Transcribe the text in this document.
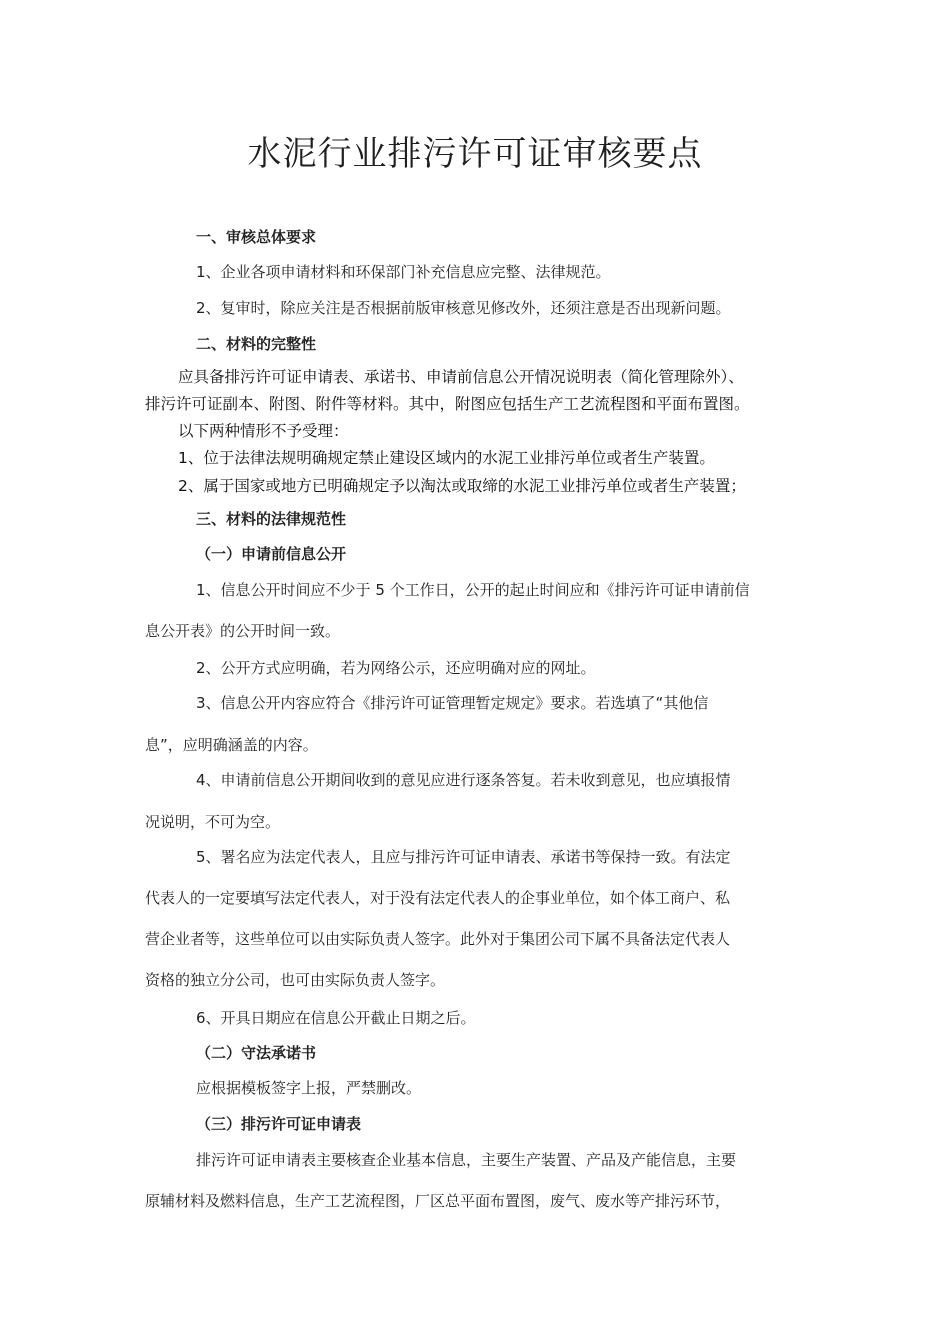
水泥行业排污许可证审核要点
一、审核总体要求
1、企业各项申请材料和环保部门补充信息应完整、法律规范。
2、复审时，除应关注是否根据前版审核意见修改外，还须注意是否出现新问题。
二、材料的完整性
应具备排污许可证申请表、承诺书、申请前信息公开情况说明表（简化管理除外）、
排污许可证副本、附图、附件等材料。其中，附图应包括生产工艺流程图和平面布置图。
以下两种情形不予受理：
1、位于法律法规明确规定禁止建设区域内的水泥工业排污单位或者生产装置。
2、属于国家或地方已明确规定予以淘汰或取缔的水泥工业排污单位或者生产装置；
三、材料的法律规范性
（一）申请前信息公开
1、信息公开时间应不少于 5 个工作日，公开的起止时间应和《排污许可证申请前信
息公开表》的公开时间一致。
2、公开方式应明确，若为网络公示，还应明确对应的网址。
3、信息公开内容应符合《排污许可证管理暂定规定》要求。若选填了“其他信
息”，应明确涵盖的内容。
4、申请前信息公开期间收到的意见应进行逐条答复。若未收到意见，也应填报情
况说明，不可为空。
5、署名应为法定代表人，且应与排污许可证申请表、承诺书等保持一致。有法定
代表人的一定要填写法定代表人，对于没有法定代表人的企事业单位，如个体工商户、私
营企业者等，这些单位可以由实际负责人签字。此外对于集团公司下属不具备法定代表人
资格的独立分公司，也可由实际负责人签字。
6、开具日期应在信息公开截止日期之后。
（二）守法承诺书
应根据模板签字上报，严禁删改。
（三）排污许可证申请表
排污许可证申请表主要核查企业基本信息，主要生产装置、产品及产能信息，主要
原辅材料及燃料信息，生产工艺流程图，厂区总平面布置图，废气、废水等产排污环节，
